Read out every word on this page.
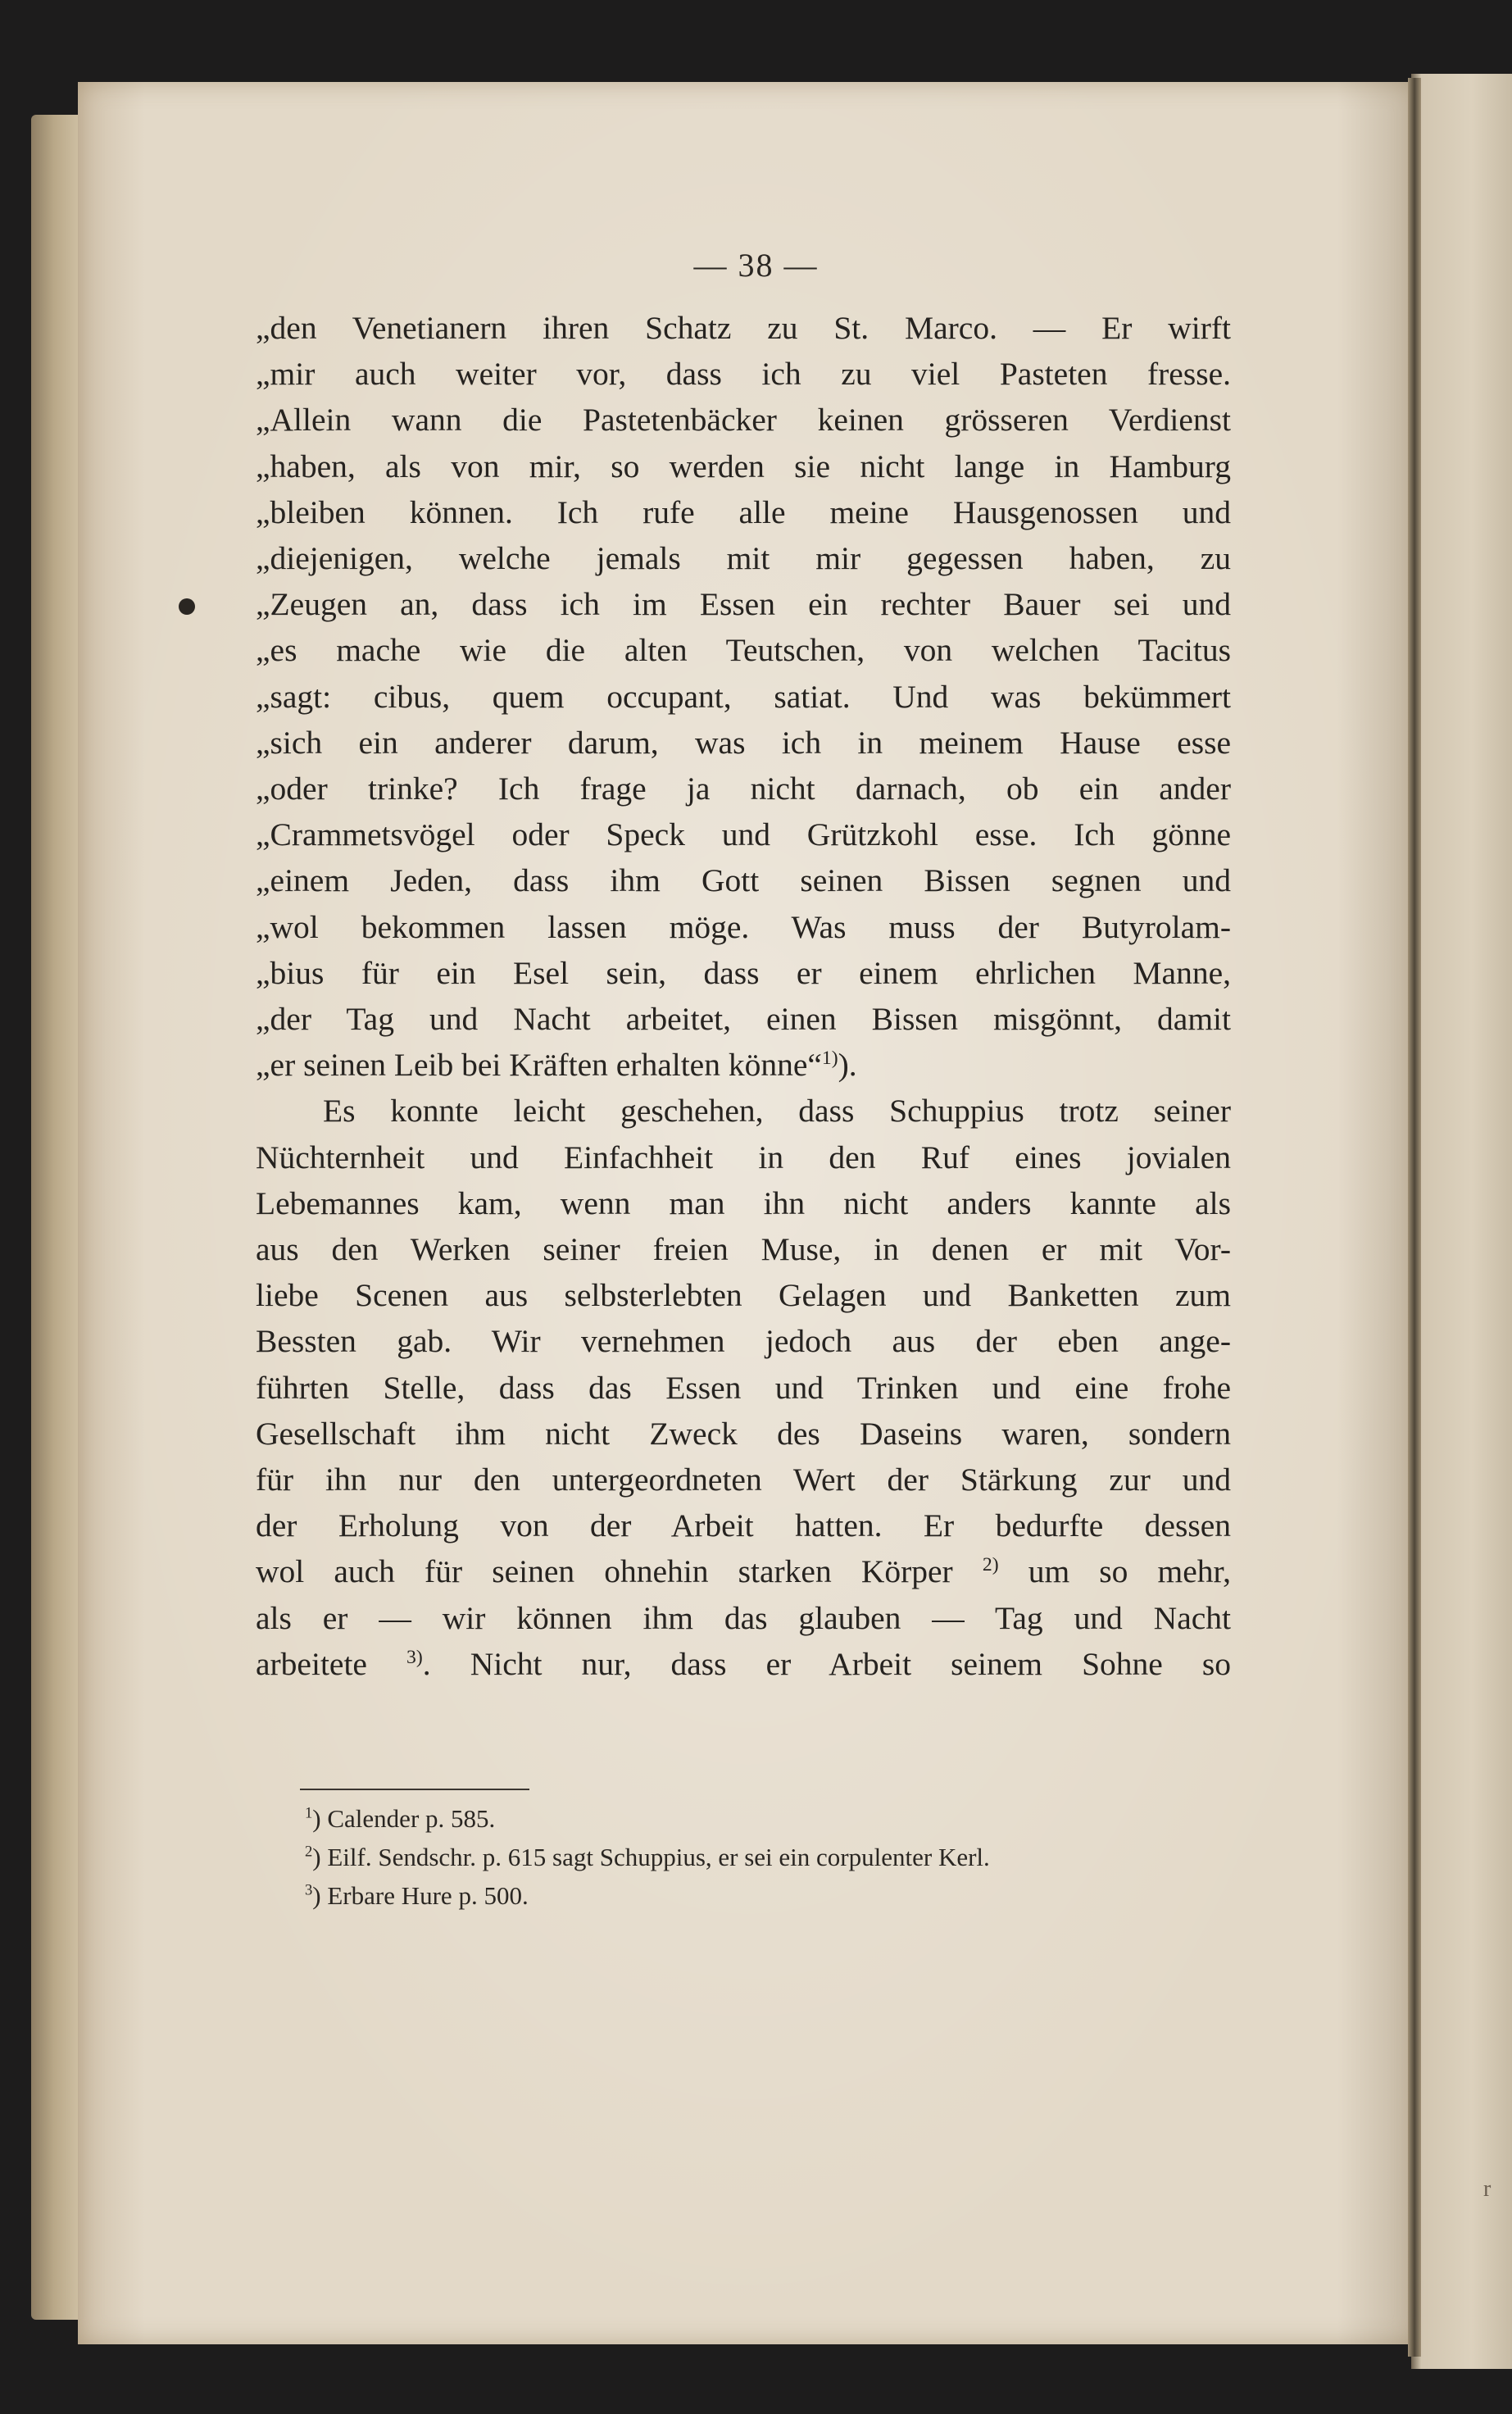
— 38 —
„den Venetianern ihren Schatz zu St. Marco. — Er wirft
„mir auch weiter vor, dass ich zu viel Pasteten fresse.
„Allein wann die Pastetenbäcker keinen grösseren Verdienst
„haben, als von mir, so werden sie nicht lange in Hamburg
„bleiben können. Ich rufe alle meine Hausgenossen und
„diejenigen, welche jemals mit mir gegessen haben, zu
„Zeugen an, dass ich im Essen ein rechter Bauer sei und
„es mache wie die alten Teutschen, von welchen Tacitus
„sagt: cibus, quem occupant, satiat. Und was bekümmert
„sich ein anderer darum, was ich in meinem Hause esse
„oder trinke? Ich frage ja nicht darnach, ob ein ander
„Crammetsvögel oder Speck und Grützkohl esse. Ich gönne
„einem Jeden, dass ihm Gott seinen Bissen segnen und
„wol bekommen lassen möge. Was muss der Butyrolam-
„bius für ein Esel sein, dass er einem ehrlichen Manne,
„der Tag und Nacht arbeitet, einen Bissen misgönnt, damit
„er seinen Leib bei Kräften erhalten könne“$^{1)}$).
Es konnte leicht geschehen, dass Schuppius trotz seiner
Nüchternheit und Einfachheit in den Ruf eines jovialen
Lebemannes kam, wenn man ihn nicht anders kannte als
aus den Werken seiner freien Muse, in denen er mit Vor-
liebe Scenen aus selbsterlebten Gelagen und Banketten zum
Bessten gab. Wir vernehmen jedoch aus der eben ange-
führten Stelle, dass das Essen und Trinken und eine frohe
Gesellschaft ihm nicht Zweck des Daseins waren, sondern
für ihn nur den untergeordneten Wert der Stärkung zur und
der Erholung von der Arbeit hatten. Er bedurfte dessen
wol auch für seinen ohnehin starken Körper $^{2)}$ um so mehr,
als er — wir können ihm das glauben — Tag und Nacht
arbeitete $^{3)}$. Nicht nur, dass er Arbeit seinem Sohne so
$^1$) Calender p. 585.
$^2$) Eilf. Sendschr. p. 615 sagt Schuppius, er sei ein corpulenter Kerl.
$^3$) Erbare Hure p. 500.
r
